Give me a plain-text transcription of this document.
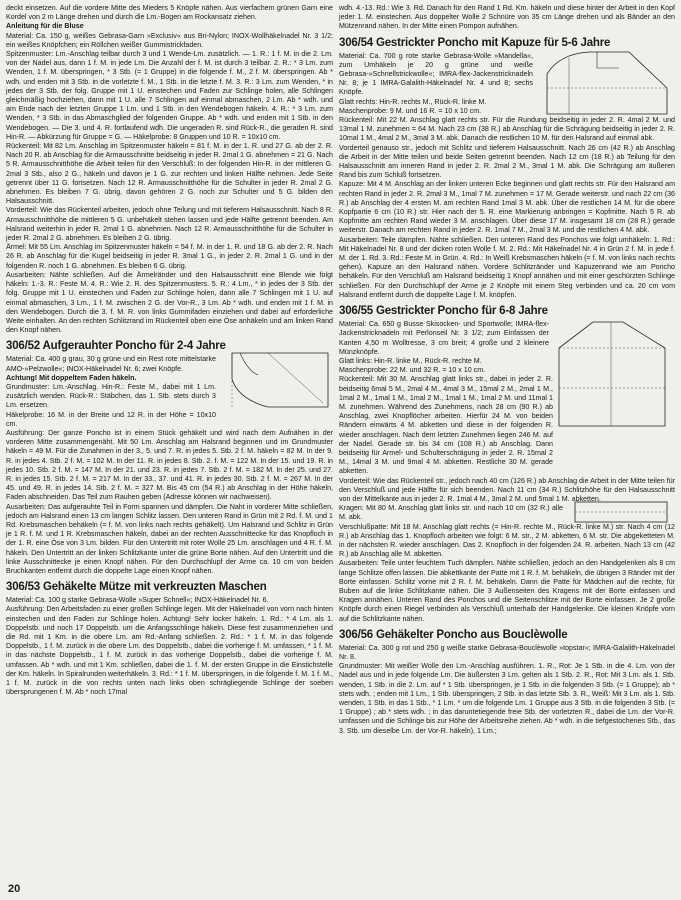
deckt einsetzen. Auf die vordere Mitte des Mieders 5 Knöpfe nähen. Aus vierfachem grünen Garn eine Kordel von 2 m Länge drehen und durch die Lm.-Bogen am Rockansatz ziehen.

Anleitung für die Bluse

Material: Ca. 150 g, weißes Gebrasa-Garn »Exclusiv« aus Bri-Nylon; INOX-Wollhäkelnadel Nr. 3 1/2; ein weißes Knöpfchen; ein Röllchen weißer Gummistrickfaden.

Spitzenmuster: Lm.-Anschlag teilbar durch 3 und 1 Wende-Lm. zusätzlich. — 1. R.: 1 f. M. in die 2. Lm. von der Nadel aus, dann 1 f. M. in jede Lm. Die Anzahl der f. M. ist durch 3 teilbar. 2. R.: * 3 Lm. zum Wenden, 1 f. M. überspringen, * 3 Stb. (= 1 Gruppe) in die folgende f. M., 2 f. M. überspringen. Ab * wdh. und enden mit 3 Stb. in die vorletzte f. M., 1 Stb. in die letzte f. M. 3. R.: 3 Lm. zum Wenden, * in jedes der 3 Stb. der folg. Gruppe mit 1 U. einstechen und Faden zur Schlinge holen, alle Schlingen gleichmäßig hochziehen, dann mit 1 U. alle 7 Schlingen auf einmal abmaschen, 2 Lm. Ab * wdh. und am Ende nach der letzten Gruppe 1 Lm. und 1 Stb. in den Wendebogen häkeln. 4. R.: * 3 Lm. zum Wenden, * 3 Stb. in das Abmaschglied der folgenden Gruppe. Ab * wdh. und enden mit 1 Stb. in den Wendebogen. — Die 3. und 4. R. fortlaufend wdh. Die ungeraden R. sind Rück-R., die geraden R. sind Hin-R. — Abkürzung für Gruppe = G. — Häkelprobe: 8 Gruppen und 10 R. = 10x10 cm.

Rückenteil: Mit 82 Lm. Anschlag im Spitzenmuster häkeln = 81 f. M. in der 1. R. und 27 G. ab der 2. R. Nach 20 R. ab Anschlag für die Armausschnitte beidseitig in jeder R. 2mal 1 G. abnehmen = 21 G. Nach 5 R. Armausschnitthöhe die Arbeit teilen für den Verschluß: In der folgenden Hin-R. in der mittleren G. 2mal 3 Stb., also 2 G., häkeln und davon je 1 G. zur rechten und linken Hälfte nehmen. Jede Seite getrennt über 11 G. fortsetzen. Nach 12 R. Armausschnitthöhe für die Schulter in jeder R. 2mal 2 G. abnehmen. Es bleiben 7 G. übrig, davon gehören 2 G. noch zur Schulter und 5 G. bilden den Halsausschnitt.

Vorderteil: Wie das Rückenteil arbeiten, jedoch ohne Teilung und mit tieferem Halsausschnitt. Nach 8 R. Armausschnitthöhe die mittleren 5 G. unbehäkelt stehen lassen und jede Hälfte getrennt beenden. Am Halsrand weiterhin in jeder R. 2mal 1 G. abnehmen. Nach 12 R. Armausschnitthöhe für die Schulter in jeder R. 2mal 2 G. abnehmen. Es bleiben 2 G. übrig.

Ärmel: Mit 55 Lm. Anschlag im Spitzenmuster häkeln = 54 f. M. in der 1. R. und 18 G. ab der 2. R. Nach 26 R. ab Anschlag für die Kugel beidseitig in jeder R. 3mal 1 G., in jeder 2. R. 2mal 1 G. und in der folgenden R. noch 1 G. abnehmen. Es bleiben 6 G. übrig.

Ausarbeiten: Nähte schließen. Auf die Ärmelränder und den Halsausschnitt eine Blende wie folgt häkeln: 1.-3. R.: Feste M. 4. R.: Wie 2. R. des Spitzenmusters. 5. R.: 4 Lm., * in jedes der 3 Stb. der folg. Gruppe mit 1 U. einstechen und Faden zur Schlinge holen, dann alle 7 Schlingen mit 1 U. auf einmal abmaschen, 3 Lm., 1 f. M. zwischen 2 G. der Vor-R., 3 Lm. Ab * wdh. und enden mit 1 f. M. in den Wendebogen. Durch die 3. f. M. R. von links Gummifaden einziehen und dabei auf erforderliche Weite einhalten. An den rechten Schlitzrand im Rückenteil oben eine Öse anhäkeln und am linken Rand den Knopf nähen.

306/52 Aufgerauhter Poncho für 2-4 Jahre

Material: Ca. 400 g grau, 30 g grüne und ein Rest rote mittelstarke AMO-»Pelzwolle«; INOX-Häkelnadel Nr. 6; zwei Knöpfe.

Achtung! Mit doppeltem Faden häkeln.

Grundmuster: Lm.-Anschlag. Hin-R.: Feste M., dabei mit 1 Lm. zusätzlich wenden. Rück-R.: Stäbchen, das 1. Stb. stets durch 3 Lm. ersetzen.

Häkelprobe: 16 M. in der Breite und 12 R. in der Höhe = 10x10 cm.

Ausführung: Der ganze Poncho ist in einem Stück gehäkelt und wird nach dem Aufnähen in der vorderen Mitte zusammengenäht. Mit 50 Lm. Anschlag am Halsrand beginnen und im Grundmuster häkeln = 49 M. Für die Zunahmen in der 3., 5. und 7. R. in jedes 5. Stb. 2 f. M. häkeln = 82 M. In der 9. R. in jedes 4. Stb. 2 f. M. = 102 M. In der 11. R. in jedes 8. Stb. 2. f. M. = 122 M. In der 15. und 19. R. in jedes 10. Stb. 2 f. M. = 147 M. In der 21. und 23. R. in jedes 7. Stb. 2 f. M. = 182 M. In der 25. und 27. R. in jedes 15. Stb. 2 f. M. = 217 M. In der 33., 37. und 41. R. in jedes 30. Stb. 2 f. M. = 267 M. In der 45. und 49. R. in jedes 14. Stb. 2 f. M. = 327 M. Bis 45 cm (54 R.) ab Anschlag in der Höhe häkeln, Faden abschneiden. Das Teil zum Rauhen geben (Adresse können wir nachweisen).

Ausarbeiten: Das aufgerauhte Teil in Form spannen und dämpfen. Die Naht in vorderer Mitte schließen, jedoch am Halsrand einen 13 cm langen Schlitz lassen. Den unteren Rand in Grün mit 2 Rd. f. M. und 1 Rd. Krebsmaschen behäkeln (= f. M. von links nach rechts gehäkelt). Um Halsrand und Schlitz in Grün je 1 R. f. M. und 1 R. Krebsmaschen häkeln, dabei an der rechten Ausschnittecke für das Knopfloch in der 1. R. eine Öse von 3 Lm. bilden. Für den Untertritt mit roter Wolle 25 Lm. anschlagen und 4 R. f. M. häkeln. Den Untertritt an der linken Schlitzkante unter die grüne Borte nähen. Auf den Untertritt und die linke Ausschnittecke je einen Knopf nähen. Für den Durchschlupf der Arme ca. 10 cm von beiden Bruchkanten entfernt durch die doppelte Lage einen Knopf nähen.

306/53 Gehäkelte Mütze mit verkreuzten Maschen

Material: Ca. 100 g starke Gebrasa-Wolle »Super Schnell«; INOX-Häkelnadel Nr. 6.

Ausführung: Den Arbeitsfaden zu einer großen Schlinge legen. Mit der Häkelnadel von vorn nach hinten einstechen und den Faden zur Schlinge holen. Achtung! Sehr locker häkeln. 1. Rd.: * 4 Lm. als 1. Doppelstb. und noch 17 Doppelstb. um die Anfangsschlinge häkeln. Diese fest zusammenziehen und die Rd. mit 1 Km. in die obere Lm. am Rd.-Anfang schließen. 2. Rd.: * 1 f. M. in das folgende Doppelstb., 1 f. M. zurück in die obere Lm. des Doppelstb., dabei die vorherige f. M. umfassen, * 1 f. M. in das nächste Doppelstb., 1 f. M. zurück in das vorherige Doppelstb., dabei die vorherige f. M. umfassen. Ab * wdh. und mit 1 Km. schließen, dabei die 1. f. M. der ersten Gruppe in die Einstichstelle der Km. häkeln. In Spiralrunden weiterhäkeln. 3. Rd.: * 1 f. M. überspringen, in die folgende f. M. 1 f. M., 1 f. M. zurück in die von rechts unten nach links oben schrägliegende Schlinge der soeben übersprungenen f. M. Ab * noch 17mal

wdh. 4.-13. Rd.: Wie 3. Rd. Danach für den Rand 1 Rd. Km. häkeln und diese hinter der Arbeit in den Kopf jeder 1. M. einstechen. Aus doppelter Wolle 2 Schnüre von 35 cm Länge drehen und als Bänder an den Mützenrand nähen. In der Mitte einen Pompon aufnähen.

306/54 Gestrickter Poncho mit Kapuze für 5-6 Jahre

Material: Ca. 700 g rote starke Gebrasa-Wolle »Mandella«, zum Umhäkeln je 20 g grüne und weiße Gebrasa-»Schnellstrickwolle«; IMRA-flex-Jackenstricknadeln Nr. 8; je 1 IMRA-Galalith-Häkelnadel Nr. 4 und 8; sechs Knöpfe.

Glatt rechts: Hin-R. rechts M., Rück-R. linke M.

Maschenprobe: 9 M. und 16 R. = 10 x 10 cm.

Rückenteil: Mit 22 M. Anschlag glatt rechts str. Für die Rundung beidseitig in jeder 2. R. 4mal 2 M. und 13mal 1 M. zunehmen = 64 M. Nach 23 cm (38 R.) ab Anschlag für die Schrägung beidseitig in jeder 2. R. 10mal 1 M., 4mal 2 M., 3mal 3 M. abk. Danach die restlichen 10 M. für den Halsrand auf einmal abk.

Vorderteil genauso str., jedoch mit Schlitz und tieferem Halsausschnitt. Nach 26 cm (42 R.) ab Anschlag die Arbeit in der Mitte teilen und beide Seiten getrennt beenden. Nach 12 cm (18 R.) ab Teilung für den Halsausschnitt am inneren Rand in jeder 2. R. 2mal 2 M., 3mal 1 M. abk. Die Schrägung am äußeren Rand bis zum Schluß fortsetzen.

Kapuze: Mit 4 M. Anschlag an der linken unteren Ecke beginnen und glatt rechts str. Für den Halsrand am rechten Rand in jeder 2. R. 2mal 3 M., 1mal 7 M. zunehmen = 17 M. Gerade weiterstr. und nach 22 cm (36 R.) ab Anschlag der 4 ersten M. am rechten Rand 1mal 3 M. abk. Über die restlichen 14 M. für die obere Kopfpartie 6 cm (10 R.) str. Hier nach der 5. R. eine Markierung anbringen = Kopfmitte. Nach 5 R. ab Kopfmitte am rechten Rand wieder 3 M. anschlagen. Über diese 17 M. insgesamt 18 cm (28 R.) gerade weiterstr. Danach am rechten Rand in jeder 2. R. 1mal 7 M., 2mal 3 M. und die restlichen 4 M. abk.

Ausarbeiten: Teile dämpfen. Nähte schließen. Den unteren Rand des Ponchos wie folgt umhäkeln: 1. Rd.: Mit Häkelnadel Nr. 8 und der dicken roten Wolle f. M. 2. Rd.: Mit Häkelnadel Nr. 4 in Grün 2 f. M. in jede f. M. der 1. Rd. 3. Rd.: Feste M. in Grün. 4. Rd.: In Weiß Krebsmaschen häkeln (= f. M. von links nach rechts gehen). Kapuze an den Halsrand nähen. Vordere Schlitzränder und Kapuzenrand wie am Poncho behäkeln. Für den Verschluß am Halsrand beidseitig 1 Knopf annähen und mit einer geschürzten Schlinge schließen. Für den Durchschlupf der Arme je 2 Knöpfe mit einem Steg verbinden und ca. 20 cm vom Halsrand entfernt durch die doppelte Lage f. M. knöpfen.

306/55 Gestrickter Poncho für 6-8 Jahre

Material: Ca. 650 g Busse Skisocken- und Sportwolle; IMRA-flex-Jackenstricknadeln mit Perlonseil Nr. 3 1/2; zum Einfassen der Kanten 4,50 m Wolltresse, 3 cm breit; 4 große und 2 kleinere Münzknöpfe.

Glatt links: Hin-R. linke M., Rück-R. rechte M.

Maschenprobe: 22 M. und 32 R. = 10 x 10 cm.

Rückenteil: Mit 30 M. Anschlag glatt links str., dabei in jeder 2. R. beidseitig 6mal 5 M., 2mal 4 M., 4mal 3 M., 15mal 2 M., 2mal 1 M., 1mal 2 M., 1mal 1 M., 1mal 2 M., 1mal 1 M., 1mal 2 M. und 11mal 1 M. zunehmen. Während des Zunehmens, nach 28 cm (90 R.) ab Anschlag, zwei Knopflöcher arbeiten. Hierfür 24 M. von beiden Rändern einwärts 4 M. abketten und diese in der folgenden R. wieder anschlagen. Nach dem letzten Zunehmen liegen 246 M. auf der Nadel. Gerade str. bis 34 cm (108 R.) ab Anschlag. Dann beidseitig für Armel- und Schulterschrägung in jeder 2. R. 15mal 2 M., 14mal 3 M. und 9mal 4 M. abketten. Restliche 30 M. gerade abketten.

Vorderteil: Wie das Rückenteil str., jedoch nach 40 cm (126 R.) ab Anschlag die Arbeit in der Mitte teilen für den Verschluß und jede Hälfte für sich beenden. Nach 11 cm (34 R.) Schlitzhöhe für den Halsausschnitt von der Mittelkante aus in jeder 2. R. 1mal 4 M., 3mal 2 M. und 5mal 1 M. abketten.

Kragen: Mit 80 M. Anschlag glatt links str. und nach 10 cm (32 R.) alle M. abk.

Verschlußpatte: Mit 18 M. Anschlag glatt rechts (= Hin-R. rechte M., Rück-R. linke M.) str. Nach 4 cm (12 R.) ab Anschlag das 1. Knopfloch arbeiten wie folgt: 6 M. str., 2 M. abketten, 6 M. str. Die abgeketteten M. in der nächsten R. wieder anschlagen. Das 2. Knopfloch in der folgenden 24. R. arbeiten. Nach 13 cm (42 R.) ab Anschlag alle M. abketten.

Ausarbeiten: Teile unter feuchtem Tuch dämpfen. Nähte schließen, jedoch an den Handgelenken als 8 cm lange Schlitze offen lassen. Die abkettkante der Patte mit 1 R. f. M. behäkeln, die übrigen 3 Ränder mit der Borte einfassen. Schlitz vorne mit 2 R. f. M. behäkeln. Dann die Patte für Mädchen auf die rechte, für Buben auf die linke Schlitzkante nähen. Die 3 Außenseiten des Kragens mit der Borte einfassen und Kragen annähen. Unteren Rand des Ponchos und die Seitenschlitze mit der Borte einfassen. Je 2 große Knöpfe durch einen Riegel verbinden als Verschluß unterhalb der Handgelenke. Die kleinen Knöpfe vorn auf die Schlitzkante nähen.

306/56 Gehäkelter Poncho aus Bouclèwolle

Material: Ca. 300 g rot und 250 g weiße starke Gebrasa-Bouclèwolle »topstar«; IMRA-Galalith-Häkelnadel Nr. 8.

Grundmuster: Mit weißer Wolle den Lm.-Anschlag ausführen. 1. R., Rot: Je 1 Stb. in die 4. Lm. von der Nadel aus und in jede folgende Lm. Die äußersten 3 Lm. gelten als 1 Stb. 2. R., Rot: Mit 3 Lm. als 1. Stb. wenden, 1 Stb. in die 2. Lm. auf * 1 Stb. überspringen, je 1 Stb. in die folgenden 3 Stb. (= 1 Gruppe); ab * stets wdh. ; enden mit 1 Lm., 1 Stb. überspringen, 2 Stb. in das letzte Stb. 3. R., Weiß: Mit 3 Lm. als 1. Stb. wenden, 1 Stb. in das 1 Stb., * 1 Lm. * um die folgende Lm. 1 Gruppe aus 3 Stb. in die folgenden 3 Stb. (= 1 Gruppe) ; ab * stets wdh. ; in das daruntetiegende freie Stb. der vorletzten R., dabei die Lm. der Vor-R. umfassen und die Schlinge bis zur Höhe der Arbeitsreihe ziehen. Ab * wdh. in die tiefgestochenes Stb., das 3. Stb. um dieselbe Lm. der Vor-R. häkeln), 1 Lm.;

20
